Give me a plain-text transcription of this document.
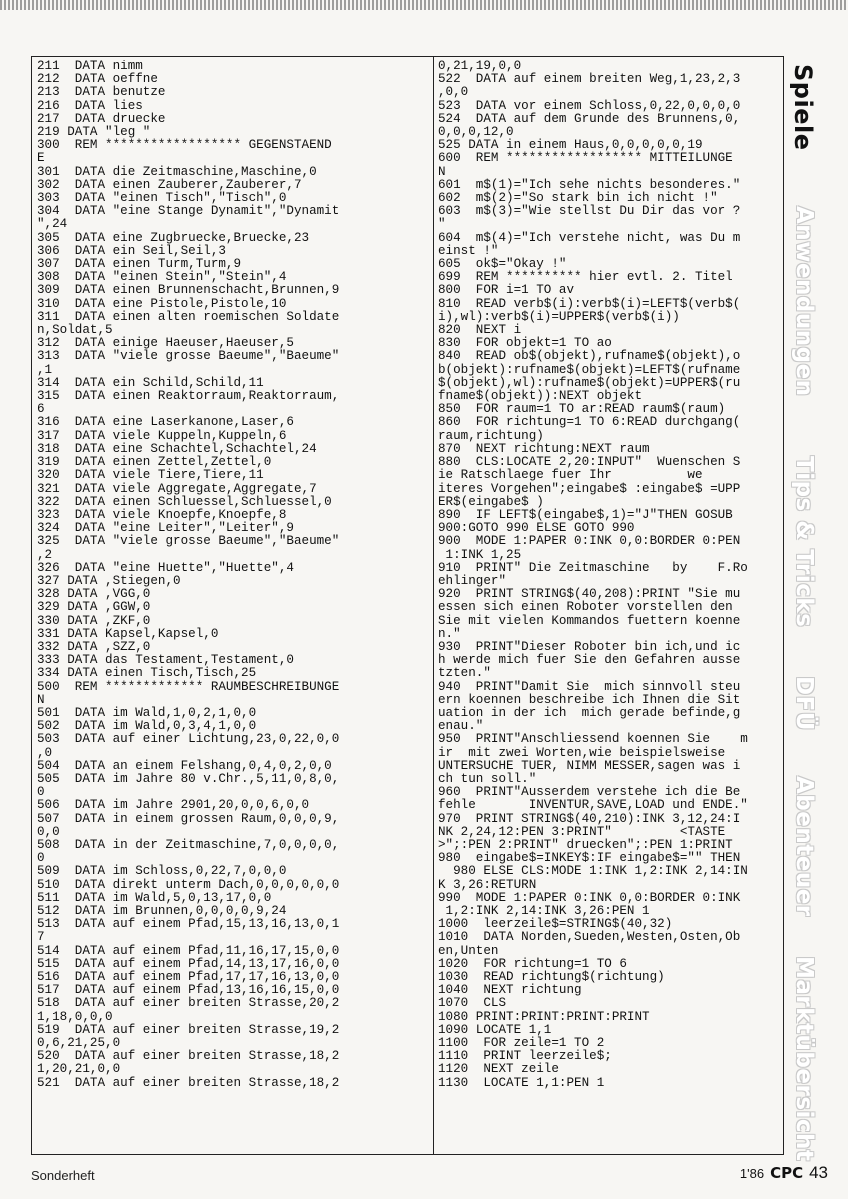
211  DATA nimm
212  DATA oeffne
213  DATA benutze
216  DATA lies
217  DATA druecke
219 DATA "leg "
300  REM ****************** GEGENSTAEND
E
301  DATA die Zeitmaschine,Maschine,0
302  DATA einen Zauberer,Zauberer,7
303  DATA "einen Tisch","Tisch",0
304  DATA "eine Stange Dynamit","Dynamit
",24
305  DATA eine Zugbruecke,Bruecke,23
306  DATA ein Seil,Seil,3
307  DATA einen Turm,Turm,9
308  DATA "einen Stein","Stein",4
309  DATA einen Brunnenschacht,Brunnen,9
310  DATA eine Pistole,Pistole,10
311  DATA einen alten roemischen Soldate
n,Soldat,5
312  DATA einige Haeuser,Haeuser,5
313  DATA "viele grosse Baeume","Baeume"
,1
314  DATA ein Schild,Schild,11
315  DATA einen Reaktorraum,Reaktorraum,
6
316  DATA eine Laserkanone,Laser,6
317  DATA viele Kuppeln,Kuppeln,6
318  DATA eine Schachtel,Schachtel,24
319  DATA einen Zettel,Zettel,0
320  DATA viele Tiere,Tiere,11
321  DATA viele Aggregate,Aggregate,7
322  DATA einen Schluessel,Schluessel,0
323  DATA viele Knoepfe,Knoepfe,8
324  DATA "eine Leiter","Leiter",9
325  DATA "viele grosse Baeume","Baeume"
,2
326  DATA "eine Huette","Huette",4
327 DATA ,Stiegen,0
328 DATA ,VGG,0
329 DATA ,GGW,0
330 DATA ,ZKF,0
331 DATA Kapsel,Kapsel,0
332 DATA ,SZZ,0
333 DATA das Testament,Testament,0
334 DATA einen Tisch,Tisch,25
500  REM ************* RAUMBESCHREIBUNGE
N
501  DATA im Wald,1,0,2,1,0,0
502  DATA im Wald,0,3,4,1,0,0
503  DATA auf einer Lichtung,23,0,22,0,0
,0
504  DATA an einem Felshang,0,4,0,2,0,0
505  DATA im Jahre 80 v.Chr.,5,11,0,8,0,
0
506  DATA im Jahre 2901,20,0,0,6,0,0
507  DATA in einem grossen Raum,0,0,0,9,
0,0
508  DATA in der Zeitmaschine,7,0,0,0,0,
0
509  DATA im Schloss,0,22,7,0,0,0
510  DATA direkt unterm Dach,0,0,0,0,0,0
511  DATA im Wald,5,0,13,17,0,0
512  DATA im Brunnen,0,0,0,0,9,24
513  DATA auf einem Pfad,15,13,16,13,0,1
7
514  DATA auf einem Pfad,11,16,17,15,0,0
515  DATA auf einem Pfad,14,13,17,16,0,0
516  DATA auf einem Pfad,17,17,16,13,0,0
517  DATA auf einem Pfad,13,16,16,15,0,0
518  DATA auf einer breiten Strasse,20,2
1,18,0,0,0
519  DATA auf einer breiten Strasse,19,2
0,6,21,25,0
520  DATA auf einer breiten Strasse,18,2
1,20,21,0,0
521  DATA auf einer breiten Strasse,18,2
0,21,19,0,0
522  DATA auf einem breiten Weg,1,23,2,3
,0,0
523  DATA vor einem Schloss,0,22,0,0,0,0
524  DATA auf dem Grunde des Brunnens,0,
0,0,0,12,0
525 DATA in einem Haus,0,0,0,0,0,19
600  REM ****************** MITTEILUNGE
N
601  m$(1)="Ich sehe nichts besonderes."
602  m$(2)="So stark bin ich nicht !"
603  m$(3)="Wie stellst Du Dir das vor ?
"
604  m$(4)="Ich verstehe nicht, was Du m
einst !"
605  ok$="Okay !"
699  REM ********** hier evtl. 2. Titel
800  FOR i=1 TO av
810  READ verb$(i):verb$(i)=LEFT$(verb$(
i),wl):verb$(i)=UPPER$(verb$(i))
820  NEXT i
830  FOR objekt=1 TO ao
840  READ ob$(objekt),rufname$(objekt),o
b(objekt):rufname$(objekt)=LEFT$(rufname
$(objekt),wl):rufname$(objekt)=UPPER$(ru
fname$(objekt)):NEXT objekt
850  FOR raum=1 TO ar:READ raum$(raum)
860  FOR richtung=1 TO 6:READ durchgang(
raum,richtung)
870  NEXT richtung:NEXT raum
880  CLS:LOCATE 2,20:INPUT"  Wuenschen S
ie Ratschlaege fuer Ihr          we
iteres Vorgehen";eingabe$ :eingabe$ =UPP
ER$(eingabe$ )
890  IF LEFT$(eingabe$,1)="J"THEN GOSUB
900:GOTO 990 ELSE GOTO 990
900  MODE 1:PAPER 0:INK 0,0:BORDER 0:PEN
1:INK 1,25
910  PRINT" Die Zeitmaschine   by    F.Ro
ehlinger"
920  PRINT STRING$(40,208):PRINT "Sie mu
essen sich einen Roboter vorstellen den
Sie mit vielen Kommandos fuettern koenne
n."
930  PRINT"Dieser Roboter bin ich,und ic
h werde mich fuer Sie den Gefahren ausse
tzten."
940  PRINT"Damit Sie  mich sinnvoll steu
ern koennen beschreibe ich Ihnen die Sit
uation in der ich  mich gerade befinde,g
enau."
950  PRINT"Anschliessend koennen Sie    m
ir  mit zwei Worten,wie beispielsweise
UNTERSUCHE TUER, NIMM MESSER,sagen was i
ch tun soll."
960  PRINT"Ausserdem verstehe ich die Be
fehle       INVENTUR,SAVE,LOAD und ENDE."
970  PRINT STRING$(40,210):INK 3,12,24:I
NK 2,24,12:PEN 3:PRINT"         <TASTE
>";:PEN 2:PRINT" druecken";:PEN 1:PRINT
980  eingabe$=INKEY$:IF eingabe$="" THEN
980 ELSE CLS:MODE 1:INK 1,2:INK 2,14:IN
K 3,26:RETURN
990  MODE 1:PAPER 0:INK 0,0:BORDER 0:INK
1,2:INK 2,14:INK 3,26:PEN 1
1000  leerzeile$=STRING$(40,32)
1010  DATA Norden,Sueden,Westen,Osten,Ob
en,Unten
1020  FOR richtung=1 TO 6
1030  READ richtung$(richtung)
1040  NEXT richtung
1070  CLS
1080 PRINT:PRINT:PRINT:PRINT
1090 LOCATE 1,1
1100  FOR zeile=1 TO 2
1110  PRINT leerzeile$;
1120  NEXT zeile
1130  LOCATE 1,1:PEN 1
Spiele
Anwendungen
Tips & Tricks
DFÜ
Abenteuer
Marktübersicht
Sonderheft	1'86 CPC 43
